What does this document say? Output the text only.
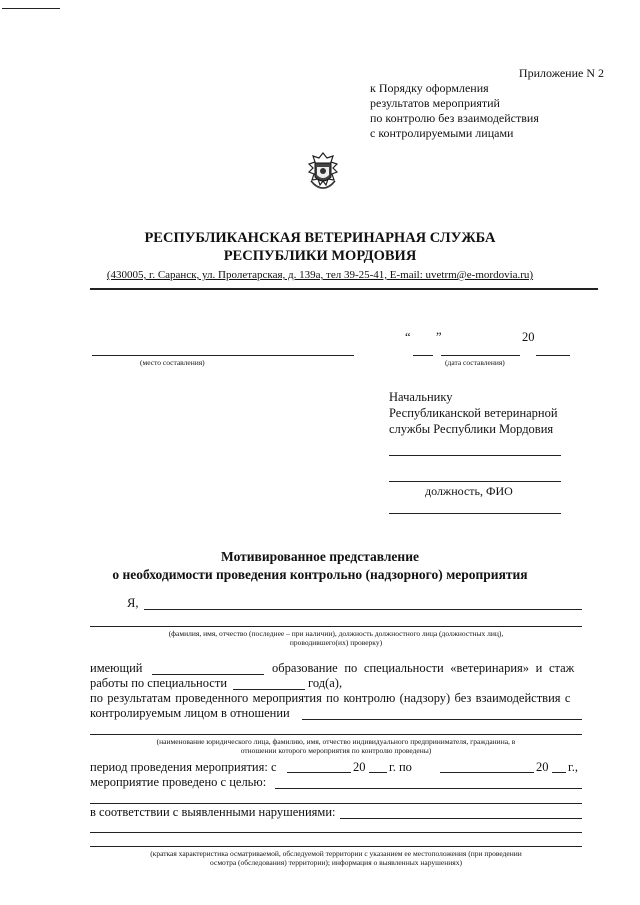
Приложение N 2
к Порядку оформления
результатов мероприятий
по контролю без взаимодействия
с контролируемыми лицами
РЕСПУБЛИКАНСКАЯ ВЕТЕРИНАРНАЯ СЛУЖБА
РЕСПУБЛИКИ МОРДОВИЯ
(430005, г. Саранск, ул. Пролетарская, д. 139а, тел 39-25-41, E-mail: uvetrm@e-mordovia.ru)
“ ”	20
(место составления)	(дата составления)
Начальнику
Республиканской ветеринарной
службы Республики Мордовия
должность, ФИО
Мотивированное представление
о необходимости проведения контрольно (надзорного) мероприятия
Я,
(фамилия, имя, отчество (последнее – при наличии), должность должностного лица (должностных лиц),
проводившего(их) проверку)
имеющий	образование по специальности «ветеринария» и стаж
работы по специальности	год(а),
по результатам проведенного мероприятия по контролю (надзору) без взаимодействия с
контролируемым лицом в отношении
(наименование юридического лица, фамилию, имя, отчество индивидуального предпринимателя, гражданина, в
отношении которого мероприятия по контролю проведены)
период проведения мероприятия: с	20 г. по	20 г.,
мероприятие проведено с целью:
в соответствии с выявленными нарушениями:
(краткая характеристика осматриваемой, обследуемой территории с указанием ее местоположения (при проведении
осмотра (обследования) территории); информация о выявленных нарушениях)
